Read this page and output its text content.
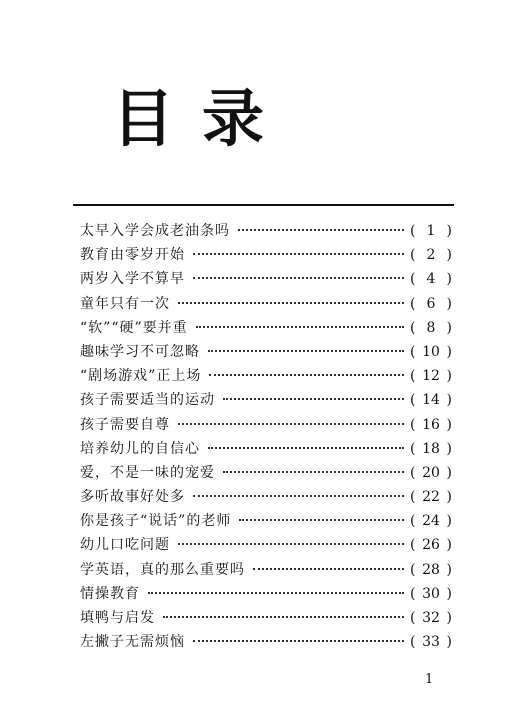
目录
太早入学会成老油条吗	( 1 )
教育由零岁开始	( 2 )
两岁入学不算早	( 4 )
童年只有一次	( 6 )
“软”“硬”要并重	( 8 )
趣味学习不可忽略	( 10 )
“剧场游戏”正上场	( 12 )
孩子需要适当的运动	( 14 )
孩子需要自尊	( 16 )
培养幼儿的自信心	( 18 )
爱，不是一味的宠爱	( 20 )
多听故事好处多	( 22 )
你是孩子“说话”的老师	( 24 )
幼儿口吃问题	( 26 )
学英语，真的那么重要吗	( 28 )
情操教育	( 30 )
填鸭与启发	( 32 )
左撇子无需烦恼	( 33 )
1
